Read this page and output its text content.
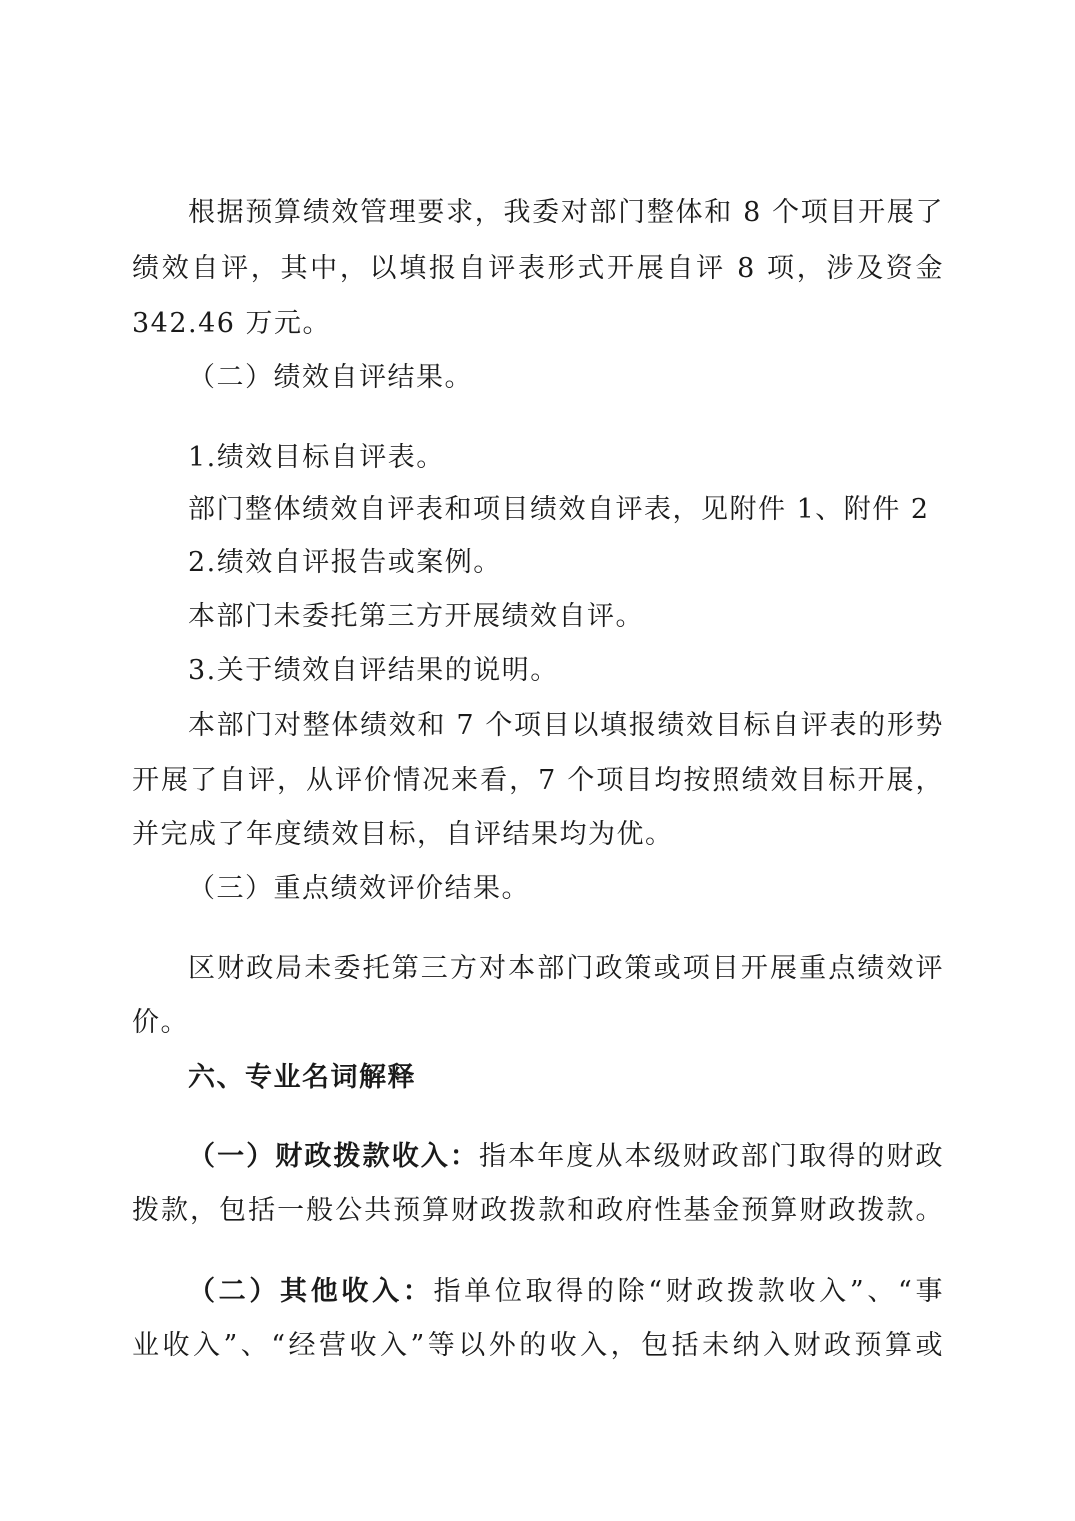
根据预算绩效管理要求，我委对部门整体和 8 个项目开展了
绩效自评，其中，以填报自评表形式开展自评 8 项，涉及资金
342.46 万元。
（二）绩效自评结果。
1.绩效目标自评表。
部门整体绩效自评表和项目绩效自评表，见附件 1、附件 2
2.绩效自评报告或案例。
本部门未委托第三方开展绩效自评。
3.关于绩效自评结果的说明。
本部门对整体绩效和 7 个项目以填报绩效目标自评表的形势
开展了自评，从评价情况来看，7 个项目均按照绩效目标开展，
并完成了年度绩效目标，自评结果均为优。
（三）重点绩效评价结果。
区财政局未委托第三方对本部门政策或项目开展重点绩效评
价。
六、专业名词解释
（一）财政拨款收入：指本年度从本级财政部门取得的财政
拨款，包括一般公共预算财政拨款和政府性基金预算财政拨款。
（二）其他收入：指单位取得的除“财政拨款收入”、“事
业收入”、“经营收入”等以外的收入，包括未纳入财政预算或
